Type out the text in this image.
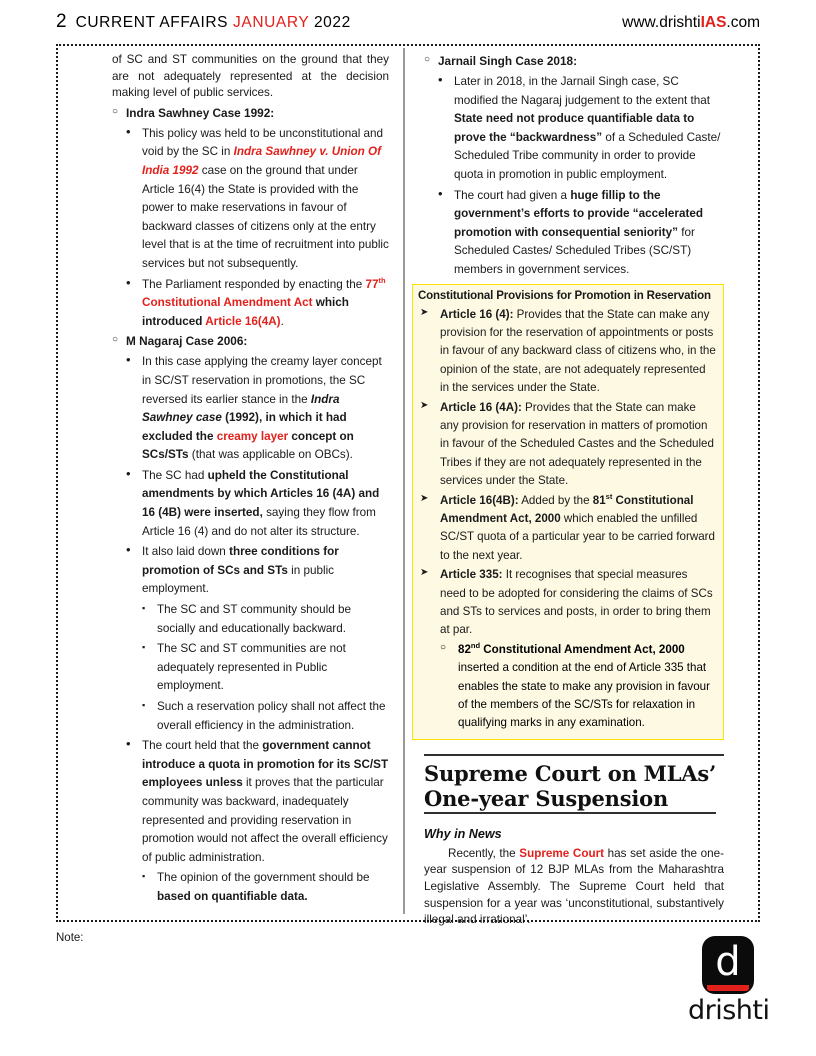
2 CURRENT AFFAIRS JANUARY 2022	www.drishtiIAS.com

of SC and ST communities on the ground that they are not adequately represented at the decision making level of public services.

○ Indra Sawhney Case 1992:
• This policy was held to be unconstitutional and void by the SC in Indra Sawhney v. Union Of India 1992 case on the ground that under Article 16(4) the State is provided with the power to make reservations in favour of backward classes of citizens only at the entry level that is at the time of recruitment into public services but not subsequently.
• The Parliament responded by enacting the 77th Constitutional Amendment Act which introduced Article 16(4A).
○ M Nagaraj Case 2006:
• In this case applying the creamy layer concept in SC/ST reservation in promotions, the SC reversed its earlier stance in the Indra Sawhney case (1992), in which it had excluded the creamy layer concept on SCs/STs (that was applicable on OBCs).
• The SC had upheld the Constitutional amendments by which Articles 16 (4A) and 16 (4B) were inserted, saying they flow from Article 16 (4) and do not alter its structure.
• It also laid down three conditions for promotion of SCs and STs in public employment.
▪	The SC and ST community should be socially and educationally backward.
▪	The SC and ST communities are not adequately represented in Public employment.
▪	Such a reservation policy shall not affect the overall efficiency in the administration.
• The court held that the government cannot introduce a quota in promotion for its SC/ST employees unless it proves that the particular community was backward, inadequately represented and providing reservation in promotion would not affect the overall efficiency of public administration.
▪	The opinion of the government should be based on quantifiable data.
○ Jarnail Singh Case 2018:
• Later in 2018, in the Jarnail Singh case, SC modified the Nagaraj judgement to the extent that State need not produce quantifiable data to prove the “backwardness” of a Scheduled Caste/ Scheduled Tribe community in order to provide quota in promotion in public employment.
• The court had given a huge fillip to the government’s efforts to provide “accelerated promotion with consequential seniority” for Scheduled Castes/ Scheduled Tribes (SC/ST) members in government services.
Constitutional Provisions for Promotion in Reservation
➤ Article 16 (4): Provides that the State can make any provision for the reservation of appointments or posts in favour of any backward class of citizens who, in the opinion of the state, are not adequately represented in the services under the State.
➤ Article 16 (4A): Provides that the State can make any provision for reservation in matters of promotion in favour of the Scheduled Castes and the Scheduled Tribes if they are not adequately represented in the services under the State.
➤ Article 16(4B): Added by the 81st Constitutional Amendment Act, 2000 which enabled the unfilled SC/ST quota of a particular year to be carried forward to the next year.
➤ Article 335: It recognises that special measures need to be adopted for considering the claims of SCs and STs to services and posts, in order to bring them at par.
○ 82nd Constitutional Amendment Act, 2000 inserted a condition at the end of Article 335 that enables the state to make any provision in favour of the members of the SC/STs for relaxation in qualifying marks in any examination.
Supreme Court on MLAs’
One-year Suspension
Why in News

Recently, the Supreme Court has set aside the one-year suspension of 12 BJP MLAs from the Maharashtra Legislative Assembly. The Supreme Court held that suspension for a year was ‘unconstitutional, substantively illegal and irrational’.

Note:
d
drishti
